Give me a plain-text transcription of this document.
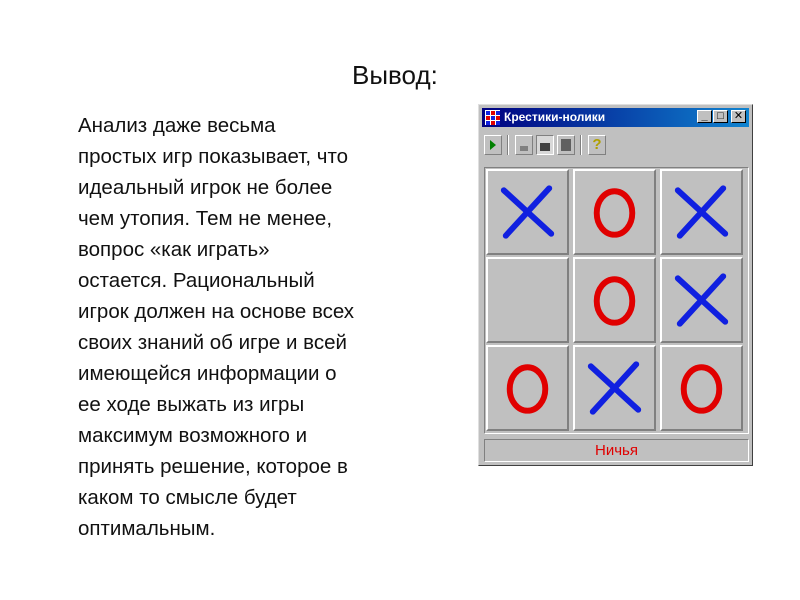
Вывод:
Анализ даже весьма
простых игр показывает, что
идеальный игрок не более
чем утопия. Тем не менее,
вопрос «как играть»
остается. Рациональный
игрок должен на основе всех
своих знаний об игре и всей
имеющейся информации о
ее ходе выжать из игры
максимум возможного и
принять решение, которое в
каком то смысле будет
оптимальным.
Крестики-нолики	_ □ ✕
?
Ничья
